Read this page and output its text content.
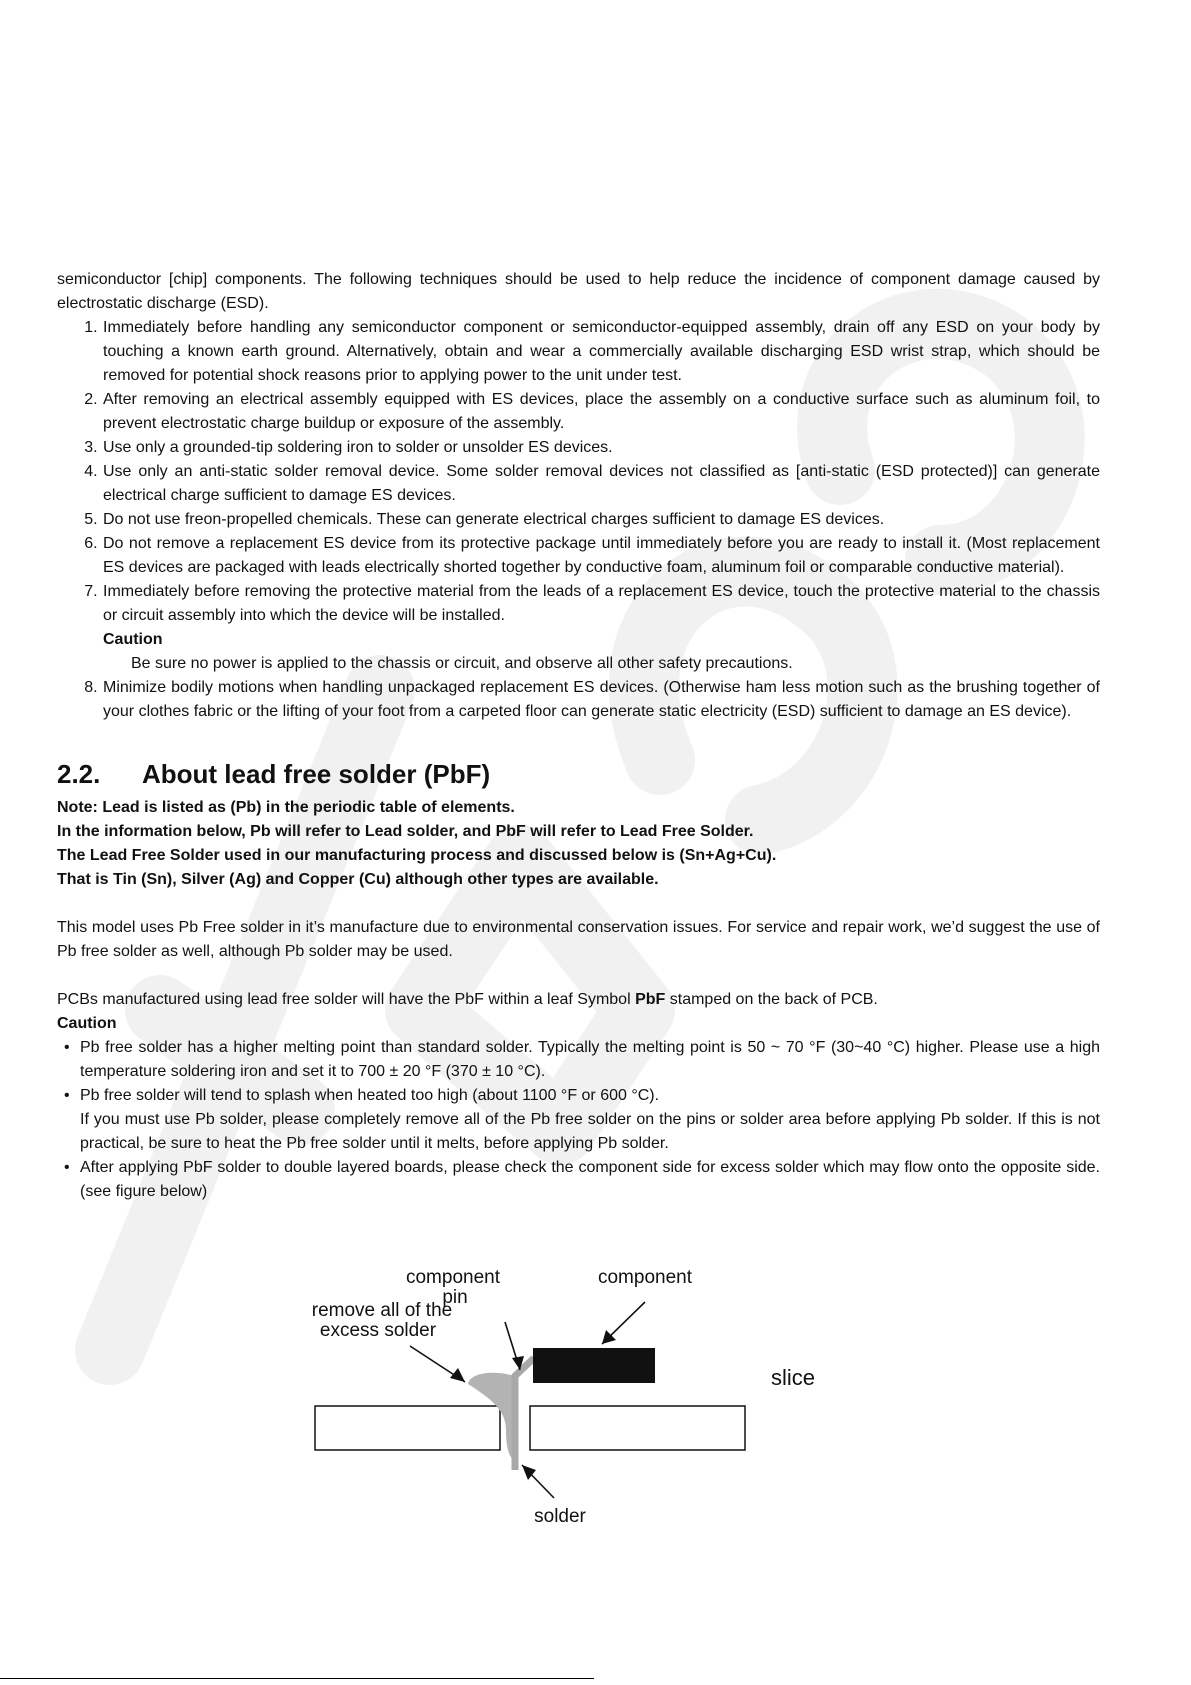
semiconductor [chip] components. The following techniques should be used to help reduce the incidence of component damage caused by electrostatic discharge (ESD).

1. Immediately before handling any semiconductor component or semiconductor-equipped assembly, drain off any ESD on your body by touching a known earth ground. Alternatively, obtain and wear a commercially available discharging ESD wrist strap, which should be removed for potential shock reasons prior to applying power to the unit under test.
2. After removing an electrical assembly equipped with ES devices, place the assembly on a conductive surface such as aluminum foil, to prevent electrostatic charge buildup or exposure of the assembly.
3. Use only a grounded-tip soldering iron to solder or unsolder ES devices.
4. Use only an anti-static solder removal device. Some solder removal devices not classified as [anti-static (ESD protected)] can generate electrical charge sufficient to damage ES devices.
5. Do not use freon-propelled chemicals. These can generate electrical charges sufficient to damage ES devices.
6. Do not remove a replacement ES device from its protective package until immediately before you are ready to install it. (Most replacement ES devices are packaged with leads electrically shorted together by conductive foam, aluminum foil or comparable conductive material).
7. Immediately before removing the protective material from the leads of a replacement ES device, touch the protective material to the chassis or circuit assembly into which the device will be installed.
Caution
Be sure no power is applied to the chassis or circuit, and observe all other safety precautions.
8. Minimize bodily motions when handling unpackaged replacement ES devices. (Otherwise ham less motion such as the brushing together of your clothes fabric or the lifting of your foot from a carpeted floor can generate static electricity (ESD) sufficient to damage an ES device).
2.2. About lead free solder (PbF)
Note: Lead is listed as (Pb) in the periodic table of elements.
In the information below, Pb will refer to Lead solder, and PbF will refer to Lead Free Solder.
The Lead Free Solder used in our manufacturing process and discussed below is (Sn+Ag+Cu).
That is Tin (Sn), Silver (Ag) and Copper (Cu) although other types are available.

This model uses Pb Free solder in it’s manufacture due to environmental conservation issues. For service and repair work, we’d suggest the use of Pb free solder as well, although Pb solder may be used.

PCBs manufactured using lead free solder will have the PbF within a leaf Symbol PbF stamped on the back of PCB.

Caution
• Pb free solder has a higher melting point than standard solder. Typically the melting point is 50 ~ 70 °F (30~40 °C) higher. Please use a high temperature soldering iron and set it to 700 ± 20 °F (370 ± 10 °C).
• Pb free solder will tend to splash when heated too high (about 1100 °F or 600 °C).
If you must use Pb solder, please completely remove all of the Pb free solder on the pins or solder area before applying Pb solder. If this is not practical, be sure to heat the Pb free solder until it melts, before applying Pb solder.
• After applying PbF solder to double layered boards, please check the component side for excess solder which may flow onto the opposite side. (see figure below)
component
pin
component
remove all of the
excess solder
slice
solder
